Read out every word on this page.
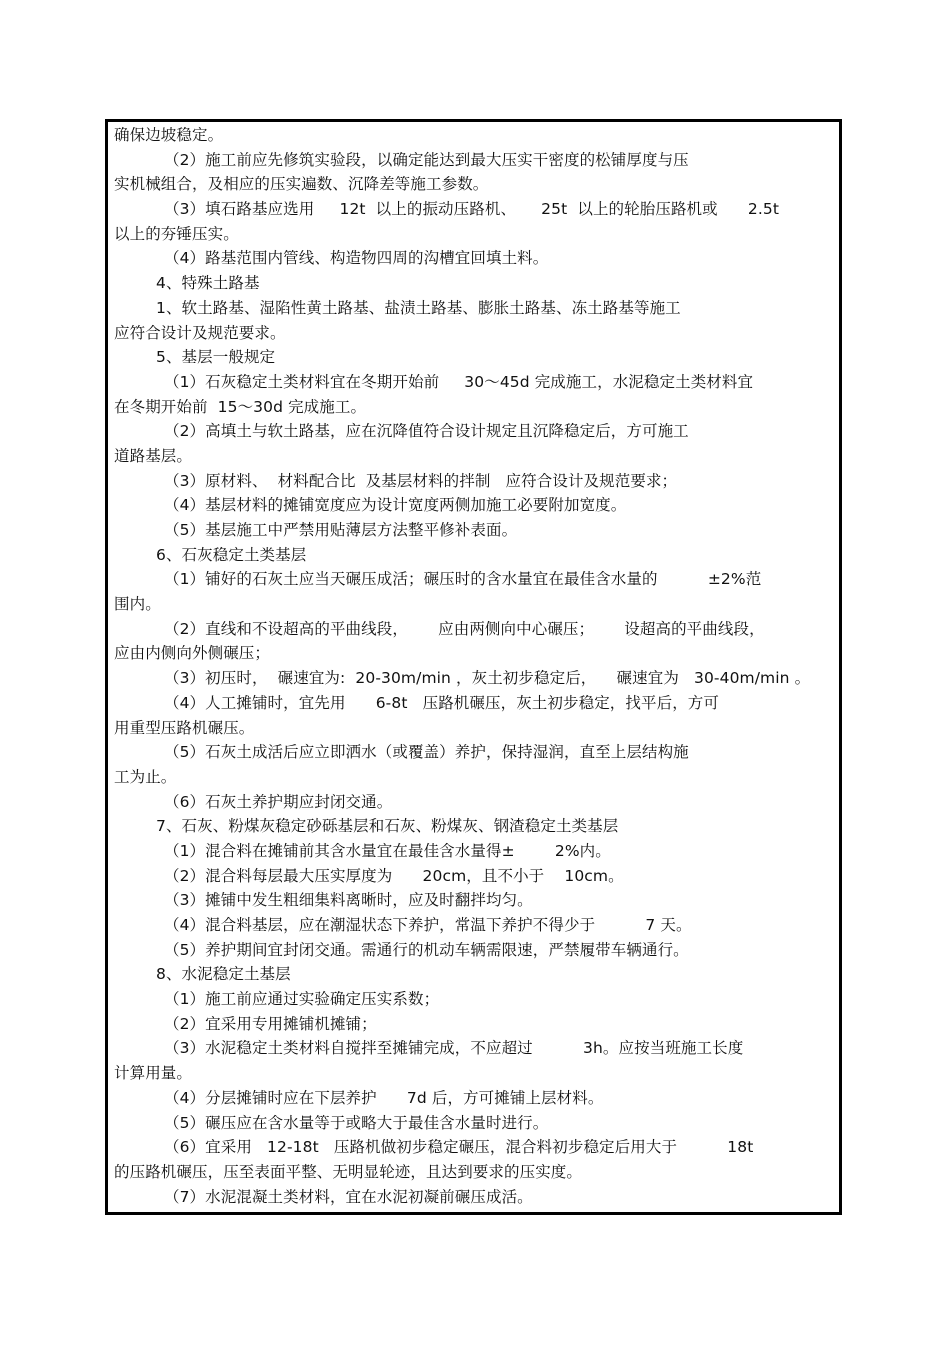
确保边坡稳定。
（2）施工前应先修筑实验段，以确定能达到最大压实干密度的松铺厚度与压
实机械组合，及相应的压实遍数、沉降差等施工参数。
（3）填石路基应选用     12t  以上的振动压路机、     25t  以上的轮胎压路机或      2.5t
以上的夯锤压实。
（4）路基范围内管线、构造物四周的沟槽宜回填土料。
4、特殊土路基
1、软土路基、湿陷性黄土路基、盐渍土路基、膨胀土路基、冻土路基等施工
应符合设计及规范要求。
5、基层一般规定
（1）石灰稳定土类材料宜在冬期开始前     30～45d 完成施工，水泥稳定土类材料宜
在冬期开始前  15～30d 完成施工。
（2）高填土与软土路基，应在沉降值符合设计规定且沉降稳定后，方可施工
道路基层。
（3）原材料、  材料配合比  及基层材料的拌制   应符合设计及规范要求；
（4）基层材料的摊铺宽度应为设计宽度两侧加施工必要附加宽度。
（5）基层施工中严禁用贴薄层方法整平修补表面。
6、石灰稳定土类基层
（1）铺好的石灰土应当天碾压成活；碾压时的含水量宜在最佳含水量的          ±2%范
围内。
（2）直线和不设超高的平曲线段，      应由两侧向中心碾压；      设超高的平曲线段，
应由内侧向外侧碾压；
（3）初压时，  碾速宜为:  20-30m/min ，灰土初步稳定后，    碾速宜为   30-40m/min 。
（4）人工摊铺时，宜先用      6-8t   压路机碾压，灰土初步稳定，找平后，方可
用重型压路机碾压。
（5）石灰土成活后应立即洒水（或覆盖）养护，保持湿润，直至上层结构施
工为止。
（6）石灰土养护期应封闭交通。
7、石灰、粉煤灰稳定砂砾基层和石灰、粉煤灰、钢渣稳定土类基层
（1）混合料在摊铺前其含水量宜在最佳含水量得±        2%内。
（2）混合料每层最大压实厚度为      20cm，且不小于    10cm。
（3）摊铺中发生粗细集料离晰时，应及时翻拌均匀。
（4）混合料基层，应在潮湿状态下养护，常温下养护不得少于          7 天。
（5）养护期间宜封闭交通。需通行的机动车辆需限速，严禁履带车辆通行。
8、水泥稳定土基层
（1）施工前应通过实验确定压实系数；
（2）宜采用专用摊铺机摊铺；
（3）水泥稳定土类材料自搅拌至摊铺完成，不应超过          3h。应按当班施工长度
计算用量。
（4）分层摊铺时应在下层养护      7d 后，方可摊铺上层材料。
（5）碾压应在含水量等于或略大于最佳含水量时进行。
（6）宜采用   12-18t   压路机做初步稳定碾压，混合料初步稳定后用大于          18t
的压路机碾压，压至表面平整、无明显轮迹，且达到要求的压实度。
（7）水泥混凝土类材料，宜在水泥初凝前碾压成活。
